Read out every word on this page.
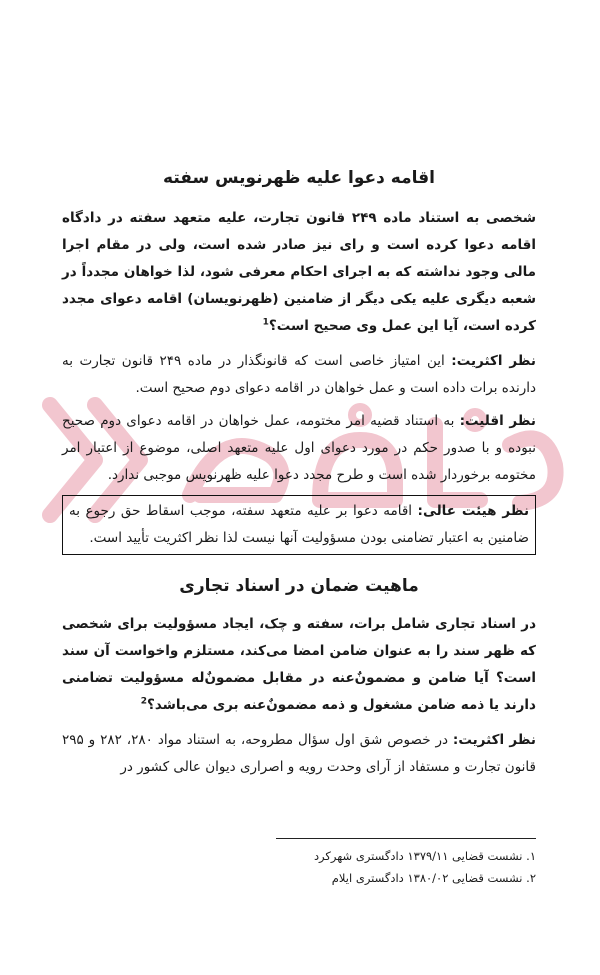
اقامه دعوا علیه ظهرنویس سفته

شخصی به استناد ماده ۲۴۹ قانون تجارت، علیه متعهد سفته در دادگاه اقامه دعوا کرده است و رای نیز صادر شده است، ولی در مقام اجرا مالی وجود نداشته که به اجرای احکام معرفی شود، لذا خواهان مجدداً در شعبه دیگری علیه یکی دیگر از ضامنین (ظهرنویسان) اقامه دعوای مجدد کرده است، آیا این عمل وی صحیح است؟$^1$

نظر اکثریت: این امتیاز خاصی است که قانونگذار در ماده ۲۴۹ قانون تجارت به دارنده برات داده است و عمل خواهان در اقامه دعوای دوم صحیح است.

نظر اقلیت: به استناد قضیه امر مختومه، عمل خواهان در اقامه دعوای دوم صحیح نبوده و با صدور حکم در مورد دعوای اول علیه متعهد اصلی، موضوع از اعتبار امر مختومه برخوردار شده است و طرح مجدد دعوا علیه ظهرنویس موجبی ندارد.

نظر هیئت عالی: اقامه دعوا بر علیه متعهد سفته، موجب اسقاط حق رجوع به ضامنین به اعتبار تضامنی بودن مسؤولیت آنها نیست لذا نظر اکثریت تأیید است.
ماهیت ضمان در اسناد تجاری

در اسناد تجاری شامل برات، سفته و چک، ایجاد مسؤولیت برای شخصی که ظهر سند را به عنوان ضامن امضا می‌کند، مستلزم واخواست آن سند است؟ آیا ضامن و مضمونٌ‌عنه در مقابل مضمونٌ‌له مسؤولیت تضامنی دارند یا ذمه ضامن مشغول و ذمه مضمونٌ‌عنه بری می‌باشد؟$^2$

نظر اکثریت: در خصوص شق اول سؤال مطروحه، به استناد مواد ۲۸۰، ۲۸۲ و ۲۹۵ قانون تجارت و مستفاد از آرای وحدت رویه و اصراری دیوان عالی کشور در

۱. نشست قضایی ۱۳۷۹/۱۱ دادگستری شهرکرد

۲. نشست قضایی ۱۳۸۰/۰۲ دادگستری ایلام
